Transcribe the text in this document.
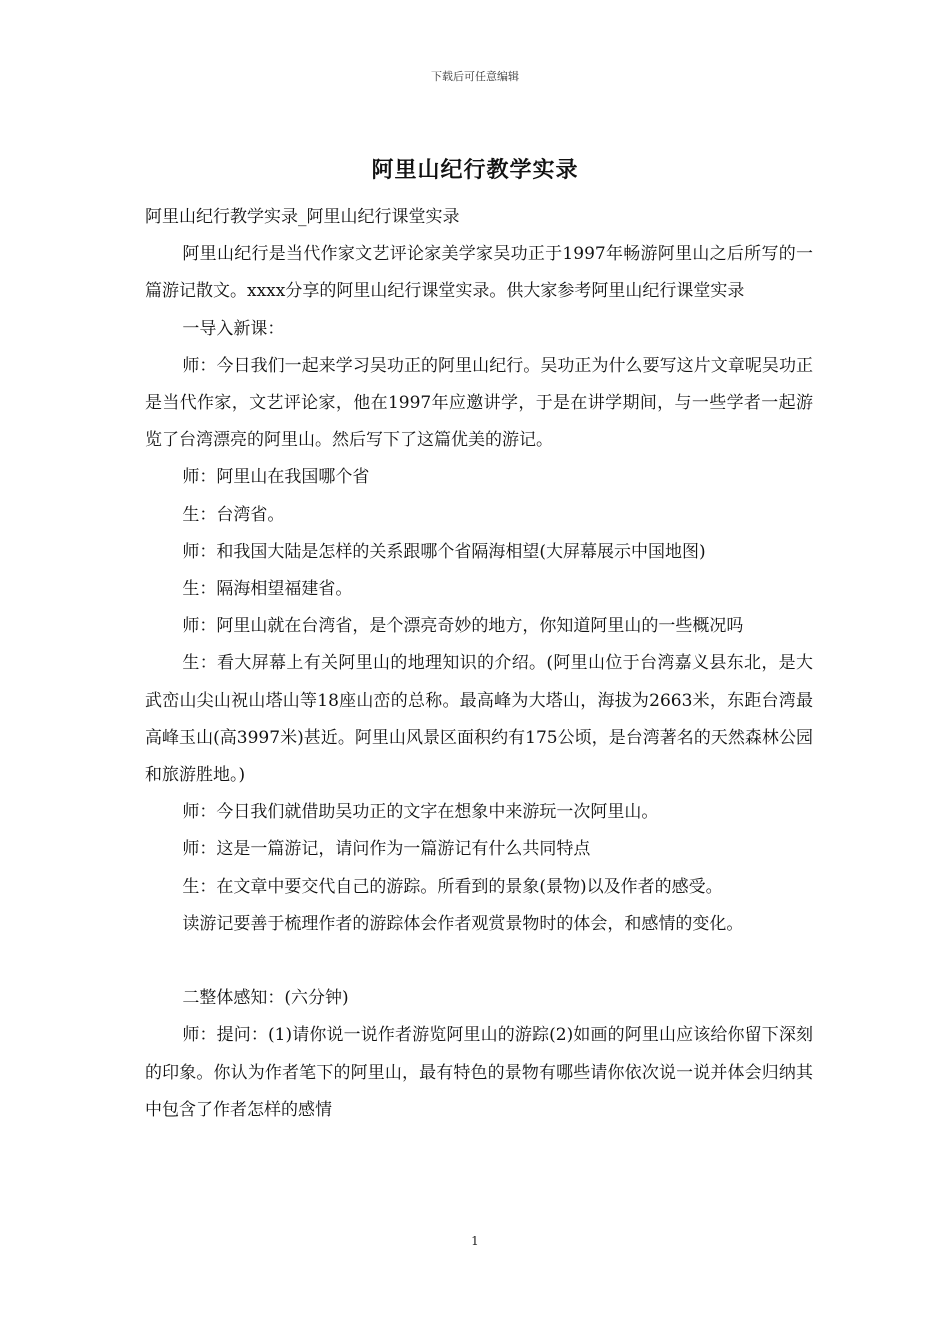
下载后可任意编辑
阿里山纪行教学实录

阿里山纪行教学实录_阿里山纪行课堂实录

阿里山纪行是当代作家文艺评论家美学家吴功正于1997年畅游阿里山之后所写的一篇游记散文。xxxx分享的阿里山纪行课堂实录。供大家参考阿里山纪行课堂实录

一导入新课：

师：今日我们一起来学习吴功正的阿里山纪行。吴功正为什么要写这片文章呢吴功正是当代作家，文艺评论家，他在1997年应邀讲学，于是在讲学期间，与一些学者一起游览了台湾漂亮的阿里山。然后写下了这篇优美的游记。

师：阿里山在我国哪个省

生：台湾省。

师：和我国大陆是怎样的关系跟哪个省隔海相望(大屏幕展示中国地图)

生：隔海相望福建省。

师：阿里山就在台湾省，是个漂亮奇妙的地方，你知道阿里山的一些概况吗

生：看大屏幕上有关阿里山的地理知识的介绍。(阿里山位于台湾嘉义县东北，是大武峦山尖山祝山塔山等18座山峦的总称。最高峰为大塔山，海拔为2663米，东距台湾最高峰玉山(高3997米)甚近。阿里山风景区面积约有175公顷，是台湾著名的天然森林公园和旅游胜地。)

师：今日我们就借助吴功正的文字在想象中来游玩一次阿里山。

师：这是一篇游记，请问作为一篇游记有什么共同特点

生：在文章中要交代自己的游踪。所看到的景象(景物)以及作者的感受。

读游记要善于梳理作者的游踪体会作者观赏景物时的体会，和感情的变化。

二整体感知：(六分钟)

师：提问：(1)请你说一说作者游览阿里山的游踪(2)如画的阿里山应该给你留下深刻的印象。你认为作者笔下的阿里山，最有特色的景物有哪些请你依次说一说并体会归纳其中包含了作者怎样的感情

1
